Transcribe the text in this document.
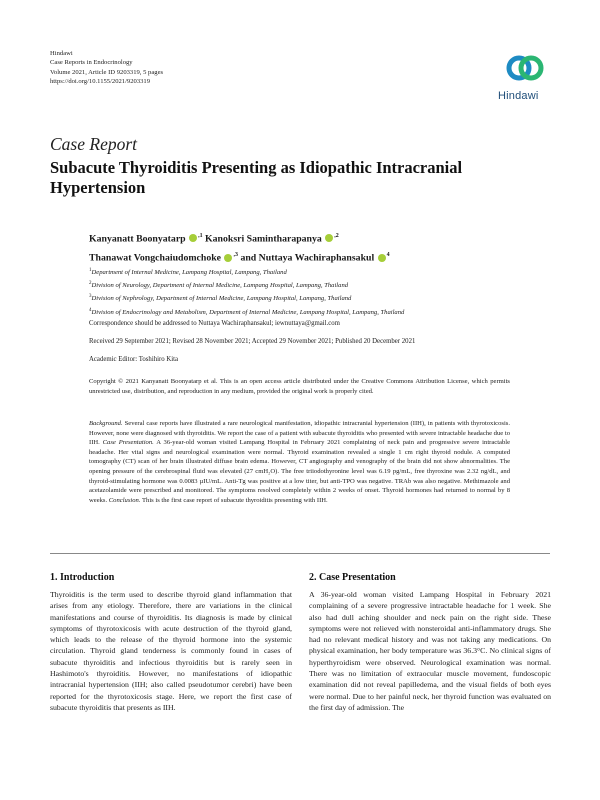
Hindawi
Case Reports in Endocrinology
Volume 2021, Article ID 9203319, 5 pages
https://doi.org/10.1155/2021/9203319
Hindawi
Case Report
Subacute Thyroiditis Presenting as Idiopathic Intracranial Hypertension
Kanyanatt Boonyatarp $^{,1}$ Kanoksri Samintharapanya $^{,2}$
Thanawat Vongchaiudomchoke $^{,3}$ and Nuttaya Wachiraphansakul $^4$
$^1$Department of Internal Medicine, Lampang Hospital, Lampang, Thailand
$^2$Division of Neurology, Department of Internal Medicine, Lampang Hospital, Lampang, Thailand
$^3$Division of Nephrology, Department of Internal Medicine, Lampang Hospital, Lampang, Thailand
$^4$Division of Endocrinology and Metabolism, Department of Internal Medicine, Lampang Hospital, Lampang, Thailand
Correspondence should be addressed to Nuttaya Wachiraphansakul; iewnuttaya@gmail.com
Received 29 September 2021; Revised 28 November 2021; Accepted 29 November 2021; Published 20 December 2021
Academic Editor: Toshihiro Kita
Copyright © 2021 Kanyanatt Boonyatarp et al. This is an open access article distributed under the Creative Commons Attribution License, which permits unrestricted use, distribution, and reproduction in any medium, provided the original work is properly cited.
Background. Several case reports have illustrated a rare neurological manifestation, idiopathic intracranial hypertension (IIH), in patients with thyrotoxicosis. However, none were diagnosed with thyroiditis. We report the case of a patient with subacute thyroiditis who presented with severe intractable headache due to IIH. Case Presentation. A 36-year-old woman visited Lampang Hospital in February 2021 complaining of neck pain and progressive severe intractable headache. Her vital signs and neurological examination were normal. Thyroid examination revealed a single 1 cm right thyroid nodule. A computed tomography (CT) scan of her brain illustrated diffuse brain edema. However, CT angiography and venography of the brain did not show abnormalities. The opening pressure of the cerebrospinal fluid was elevated (27 cmH₂O). The free triiodothyronine level was 6.19 pg/mL, free thyroxine was 2.32 ng/dL, and thyroid-stimulating hormone was 0.0083 µIU/mL. Anti-Tg was positive at a low titer, but anti-TPO was negative. TRAb was also negative. Methimazole and acetazolamide were prescribed and monitored. The symptoms resolved completely within 2 weeks of onset. Thyroid hormones had returned to normal by 8 weeks. Conclusion. This is the first case report of subacute thyroiditis presenting with IIH.
1. Introduction
Thyroiditis is the term used to describe thyroid gland inflammation that arises from any etiology. Therefore, there are variations in the clinical manifestations and course of thyroiditis. Its diagnosis is made by clinical symptoms of thyrotoxicosis with acute destruction of the thyroid gland, which leads to the release of the thyroid hormone into the systemic circulation. Thyroid gland tenderness is commonly found in cases of subacute thyroiditis and infectious thyroiditis but is rarely seen in Hashimoto's thyroiditis. However, no manifestations of idiopathic intracranial hypertension (IIH; also called pseudotumor cerebri) have been reported for the thyrotoxicosis stage. Here, we report the first case of subacute thyroiditis that presents as IIH.
2. Case Presentation
A 36-year-old woman visited Lampang Hospital in February 2021 complaining of a severe progressive intractable headache for 1 week. She also had dull aching shoulder and neck pain on the right side. These symptoms were not relieved with nonsteroidal anti-inflammatory drugs. She had no relevant medical history and was not taking any medications. On physical examination, her body temperature was 36.3°C. No clinical signs of hyperthyroidism were observed. Neurological examination was normal. There was no limitation of extraocular muscle movement, fundoscopic examination did not reveal papilledema, and the visual fields of both eyes were normal. Due to her painful neck, her thyroid function was evaluated on the first day of admission. The
